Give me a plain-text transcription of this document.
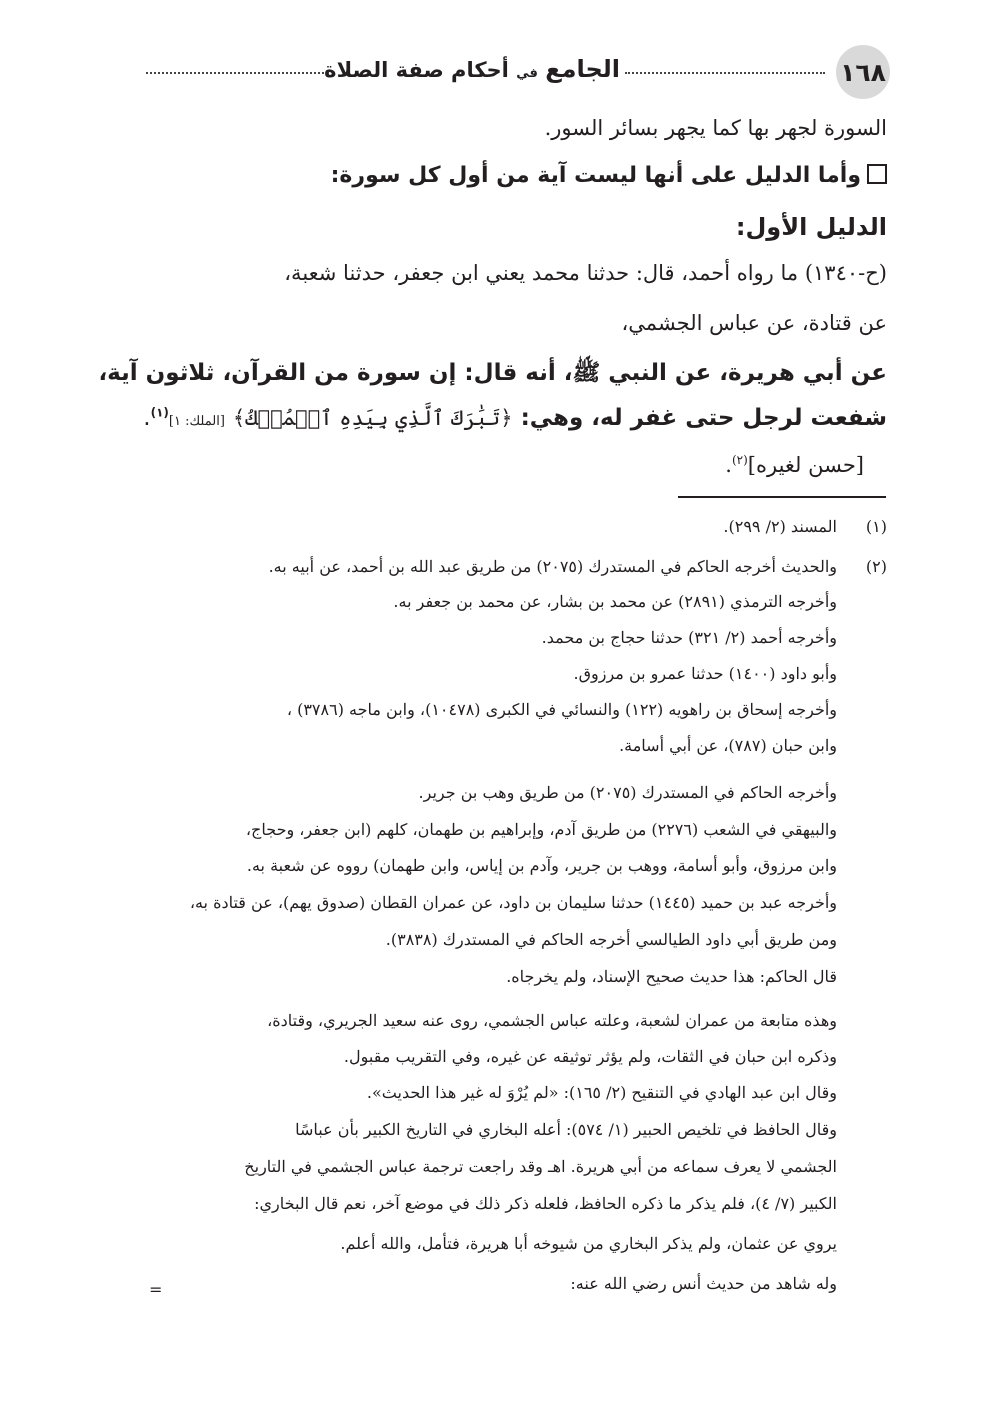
١٦٨
الجامع في أحكام صفة الصلاة
السورة لجهر بها كما يجهر بسائر السور.
وأما الدليل على أنها ليست آية من أول كل سورة:
الدليل الأول:
(ح-١٣٤٠) ما رواه أحمد، قال: حدثنا محمد يعني ابن جعفر، حدثنا شعبة،
عن قتادة، عن عباس الجشمي،
عن أبي هريرة، عن النبي ﷺ، أنه قال: إن سورة من القرآن، ثلاثون آية،
شفعت لرجل حتى غفر له، وهي: ﴿تَبَٰرَكَ ٱلَّذِي بِيَدِهِ ٱلۡمُلۡكُ﴾ [الملك: ١]$^{(١)}$.
[حسن لغيره]$^{(٢)}$.
(١)المسند (٢/ ٢٩٩).
(٢)والحديث أخرجه الحاكم في المستدرك (٢٠٧٥) من طريق عبد الله بن أحمد، عن أبيه به.
وأخرجه الترمذي (٢٨٩١) عن محمد بن بشار، عن محمد بن جعفر به.
وأخرجه أحمد (٢/ ٣٢١) حدثنا حجاج بن محمد.
وأبو داود (١٤٠٠) حدثنا عمرو بن مرزوق.
وأخرجه إسحاق بن راهويه (١٢٢) والنسائي في الكبرى (١٠٤٧٨)، وابن ماجه (٣٧٨٦) ،
وابن حبان (٧٨٧)، عن أبي أسامة.
وأخرجه الحاكم في المستدرك (٢٠٧٥) من طريق وهب بن جرير.
والبيهقي في الشعب (٢٢٧٦) من طريق آدم، وإبراهيم بن طهمان، كلهم (ابن جعفر، وحجاج،
وابن مرزوق، وأبو أسامة، ووهب بن جرير، وآدم بن إياس، وابن طهمان) رووه عن شعبة به.
وأخرجه عبد بن حميد (١٤٤٥) حدثنا سليمان بن داود، عن عمران القطان (صدوق يهم)، عن قتادة به،
ومن طريق أبي داود الطيالسي أخرجه الحاكم في المستدرك (٣٨٣٨).
قال الحاكم: هذا حديث صحيح الإسناد، ولم يخرجاه.
وهذه متابعة من عمران لشعبة، وعلته عباس الجشمي، روى عنه سعيد الجريري، وقتادة،
وذكره ابن حبان في الثقات، ولم يؤثر توثيقه عن غيره، وفي التقريب مقبول.
وقال ابن عبد الهادي في التنقيح (٢/ ١٦٥): «لم يُرْوَ له غير هذا الحديث».
وقال الحافظ في تلخيص الحبير (١/ ٥٧٤): أعله البخاري في التاريخ الكبير بأن عباسًا
الجشمي لا يعرف سماعه من أبي هريرة. اهـ وقد راجعت ترجمة عباس الجشمي في التاريخ
الكبير (٧/ ٤)، فلم يذكر ما ذكره الحافظ، فلعله ذكر ذلك في موضع آخر، نعم قال البخاري:
يروي عن عثمان، ولم يذكر البخاري من شيوخه أبا هريرة، فتأمل، والله أعلم.
وله شاهد من حديث أنس رضي الله عنه:
=
